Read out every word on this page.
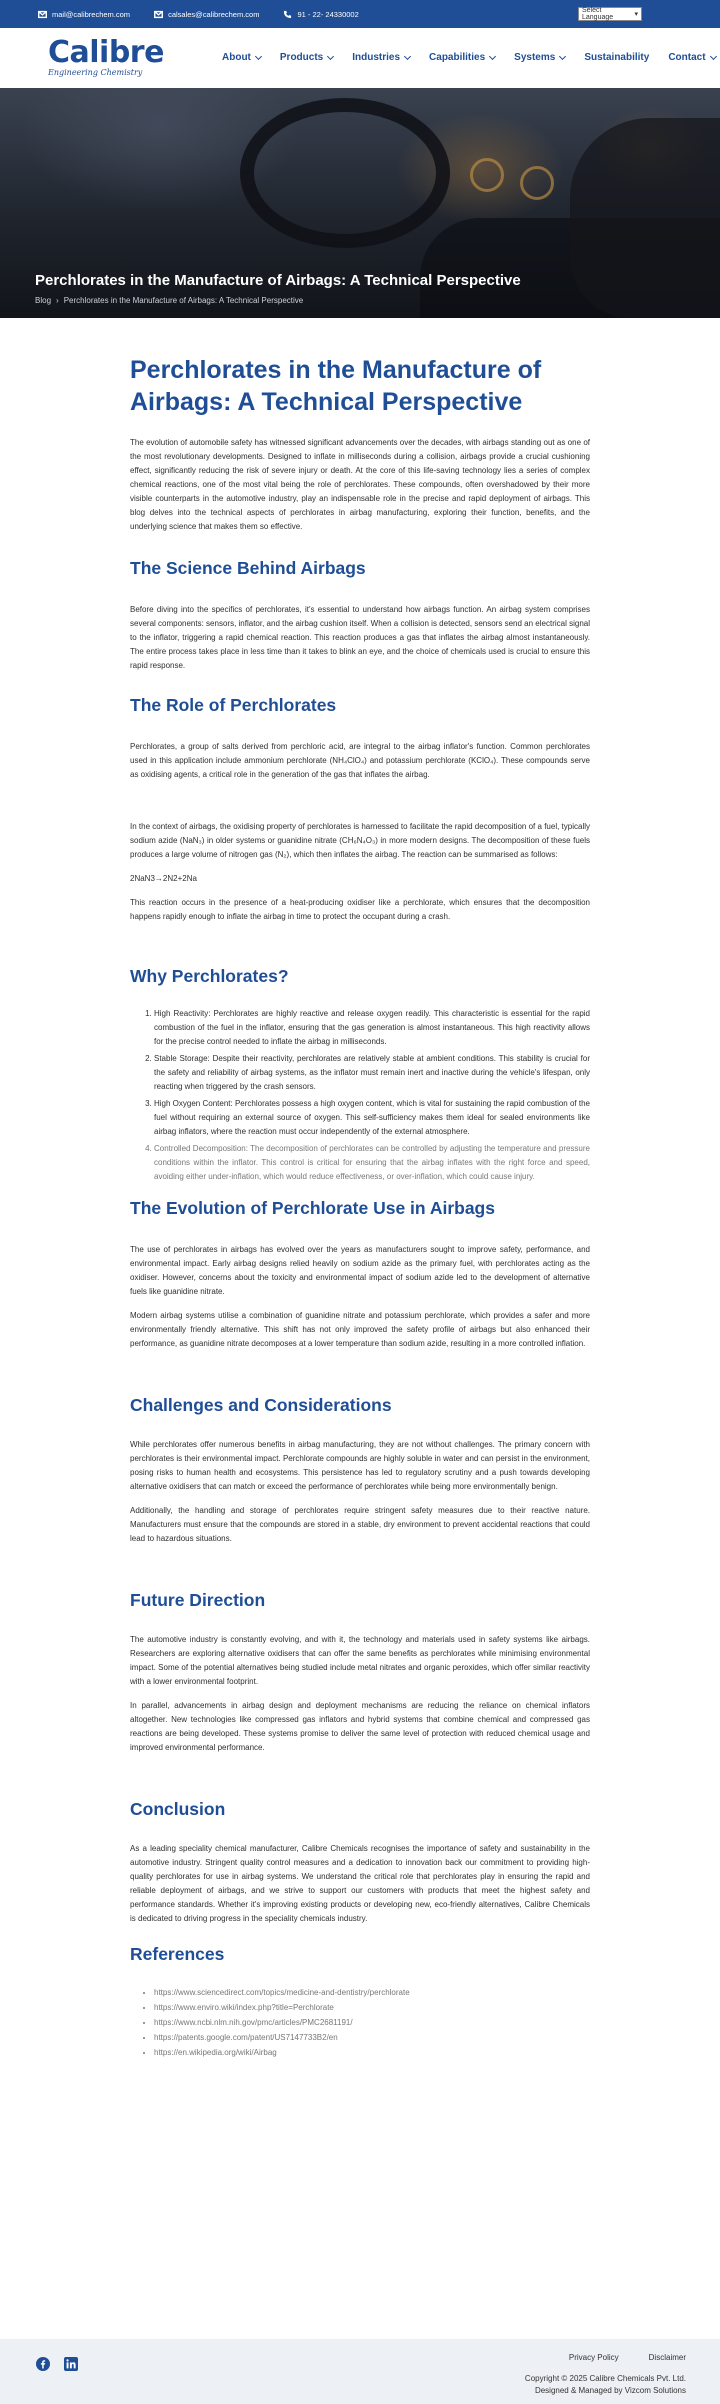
mail@calibrechem.com	calsales@calibrechem.com	91 - 22- 24330002	Select Language	▾
Calibre
Engineering Chemistry
About	Products	Industries	Capabilities	Systems	Sustainability Contact
Perchlorates in the Manufacture of Airbags: A Technical Perspective
Blog › Perchlorates in the Manufacture of Airbags: A Technical Perspective
Perchlorates in the Manufacture of Airbags: A Technical Perspective

The evolution of automobile safety has witnessed significant advancements over the decades, with airbags standing out as one of the most revolutionary developments. Designed to inflate in milliseconds during a collision, airbags provide a crucial cushioning effect, significantly reducing the risk of severe injury or death. At the core of this life-saving technology lies a series of complex chemical reactions, one of the most vital being the role of perchlorates. These compounds, often overshadowed by their more visible counterparts in the automotive industry, play an indispensable role in the precise and rapid deployment of airbags. This blog delves into the technical aspects of perchlorates in airbag manufacturing, exploring their function, benefits, and the underlying science that makes them so effective.

The Science Behind Airbags

Before diving into the specifics of perchlorates, it's essential to understand how airbags function. An airbag system comprises several components: sensors, inflator, and the airbag cushion itself. When a collision is detected, sensors send an electrical signal to the inflator, triggering a rapid chemical reaction. This reaction produces a gas that inflates the airbag almost instantaneously. The entire process takes place in less time than it takes to blink an eye, and the choice of chemicals used is crucial to ensure this rapid response.

The Role of Perchlorates

Perchlorates, a group of salts derived from perchloric acid, are integral to the airbag inflator's function. Common perchlorates used in this application include ammonium perchlorate (NH₄ClO₄) and potassium perchlorate (KClO₄). These compounds serve as oxidising agents, a critical role in the generation of the gas that inflates the airbag.

In the context of airbags, the oxidising property of perchlorates is harnessed to facilitate the rapid decomposition of a fuel, typically sodium azide (NaN₃) in older systems or guanidine nitrate (CH₆N₄O₃) in more modern designs. The decomposition of these fuels produces a large volume of nitrogen gas (N₂), which then inflates the airbag. The reaction can be summarised as follows:

2NaN3→2N2+2Na

This reaction occurs in the presence of a heat-producing oxidiser like a perchlorate, which ensures that the decomposition happens rapidly enough to inflate the airbag in time to protect the occupant during a crash.

Why Perchlorates?
1. High Reactivity: Perchlorates are highly reactive and release oxygen readily. This characteristic is essential for the rapid combustion of the fuel in the inflator, ensuring that the gas generation is almost instantaneous. This high reactivity allows for the precise control needed to inflate the airbag in milliseconds.
2. Stable Storage: Despite their reactivity, perchlorates are relatively stable at ambient conditions. This stability is crucial for the safety and reliability of airbag systems, as the inflator must remain inert and inactive during the vehicle's lifespan, only reacting when triggered by the crash sensors.
3. High Oxygen Content: Perchlorates possess a high oxygen content, which is vital for sustaining the rapid combustion of the fuel without requiring an external source of oxygen. This self-sufficiency makes them ideal for sealed environments like airbag inflators, where the reaction must occur independently of the external atmosphere.
4. Controlled Decomposition: The decomposition of perchlorates can be controlled by adjusting the temperature and pressure conditions within the inflator. This control is critical for ensuring that the airbag inflates with the right force and speed, avoiding either under-inflation, which would reduce effectiveness, or over-inflation, which could cause injury.
The Evolution of Perchlorate Use in Airbags

The use of perchlorates in airbags has evolved over the years as manufacturers sought to improve safety, performance, and environmental impact. Early airbag designs relied heavily on sodium azide as the primary fuel, with perchlorates acting as the oxidiser. However, concerns about the toxicity and environmental impact of sodium azide led to the development of alternative fuels like guanidine nitrate.

Modern airbag systems utilise a combination of guanidine nitrate and potassium perchlorate, which provides a safer and more environmentally friendly alternative. This shift has not only improved the safety profile of airbags but also enhanced their performance, as guanidine nitrate decomposes at a lower temperature than sodium azide, resulting in a more controlled inflation.

Challenges and Considerations

While perchlorates offer numerous benefits in airbag manufacturing, they are not without challenges. The primary concern with perchlorates is their environmental impact. Perchlorate compounds are highly soluble in water and can persist in the environment, posing risks to human health and ecosystems. This persistence has led to regulatory scrutiny and a push towards developing alternative oxidisers that can match or exceed the performance of perchlorates while being more environmentally benign.

Additionally, the handling and storage of perchlorates require stringent safety measures due to their reactive nature. Manufacturers must ensure that the compounds are stored in a stable, dry environment to prevent accidental reactions that could lead to hazardous situations.

Future Direction

The automotive industry is constantly evolving, and with it, the technology and materials used in safety systems like airbags. Researchers are exploring alternative oxidisers that can offer the same benefits as perchlorates while minimising environmental impact. Some of the potential alternatives being studied include metal nitrates and organic peroxides, which offer similar reactivity with a lower environmental footprint.

In parallel, advancements in airbag design and deployment mechanisms are reducing the reliance on chemical inflators altogether. New technologies like compressed gas inflators and hybrid systems that combine chemical and compressed gas reactions are being developed. These systems promise to deliver the same level of protection with reduced chemical usage and improved environmental performance.

Conclusion

As a leading speciality chemical manufacturer, Calibre Chemicals recognises the importance of safety and sustainability in the automotive industry. Stringent quality control measures and a dedication to innovation back our commitment to providing high-quality perchlorates for use in airbag systems. We understand the critical role that perchlorates play in ensuring the rapid and reliable deployment of airbags, and we strive to support our customers with products that meet the highest safety and performance standards. Whether it's improving existing products or developing new, eco-friendly alternatives, Calibre Chemicals is dedicated to driving progress in the speciality chemicals industry.

References
• https://www.sciencedirect.com/topics/medicine-and-dentistry/perchlorate
• https://www.enviro.wiki/index.php?title=Perchlorate
• https://www.ncbi.nlm.nih.gov/pmc/articles/PMC2681191/
• https://patents.google.com/patent/US7147733B2/en
• https://en.wikipedia.org/wiki/Airbag
Privacy Policy	Disclaimer
Copyright © 2025 Calibre Chemicals Pvt. Ltd.
Designed & Managed by Vizcom Solutions
